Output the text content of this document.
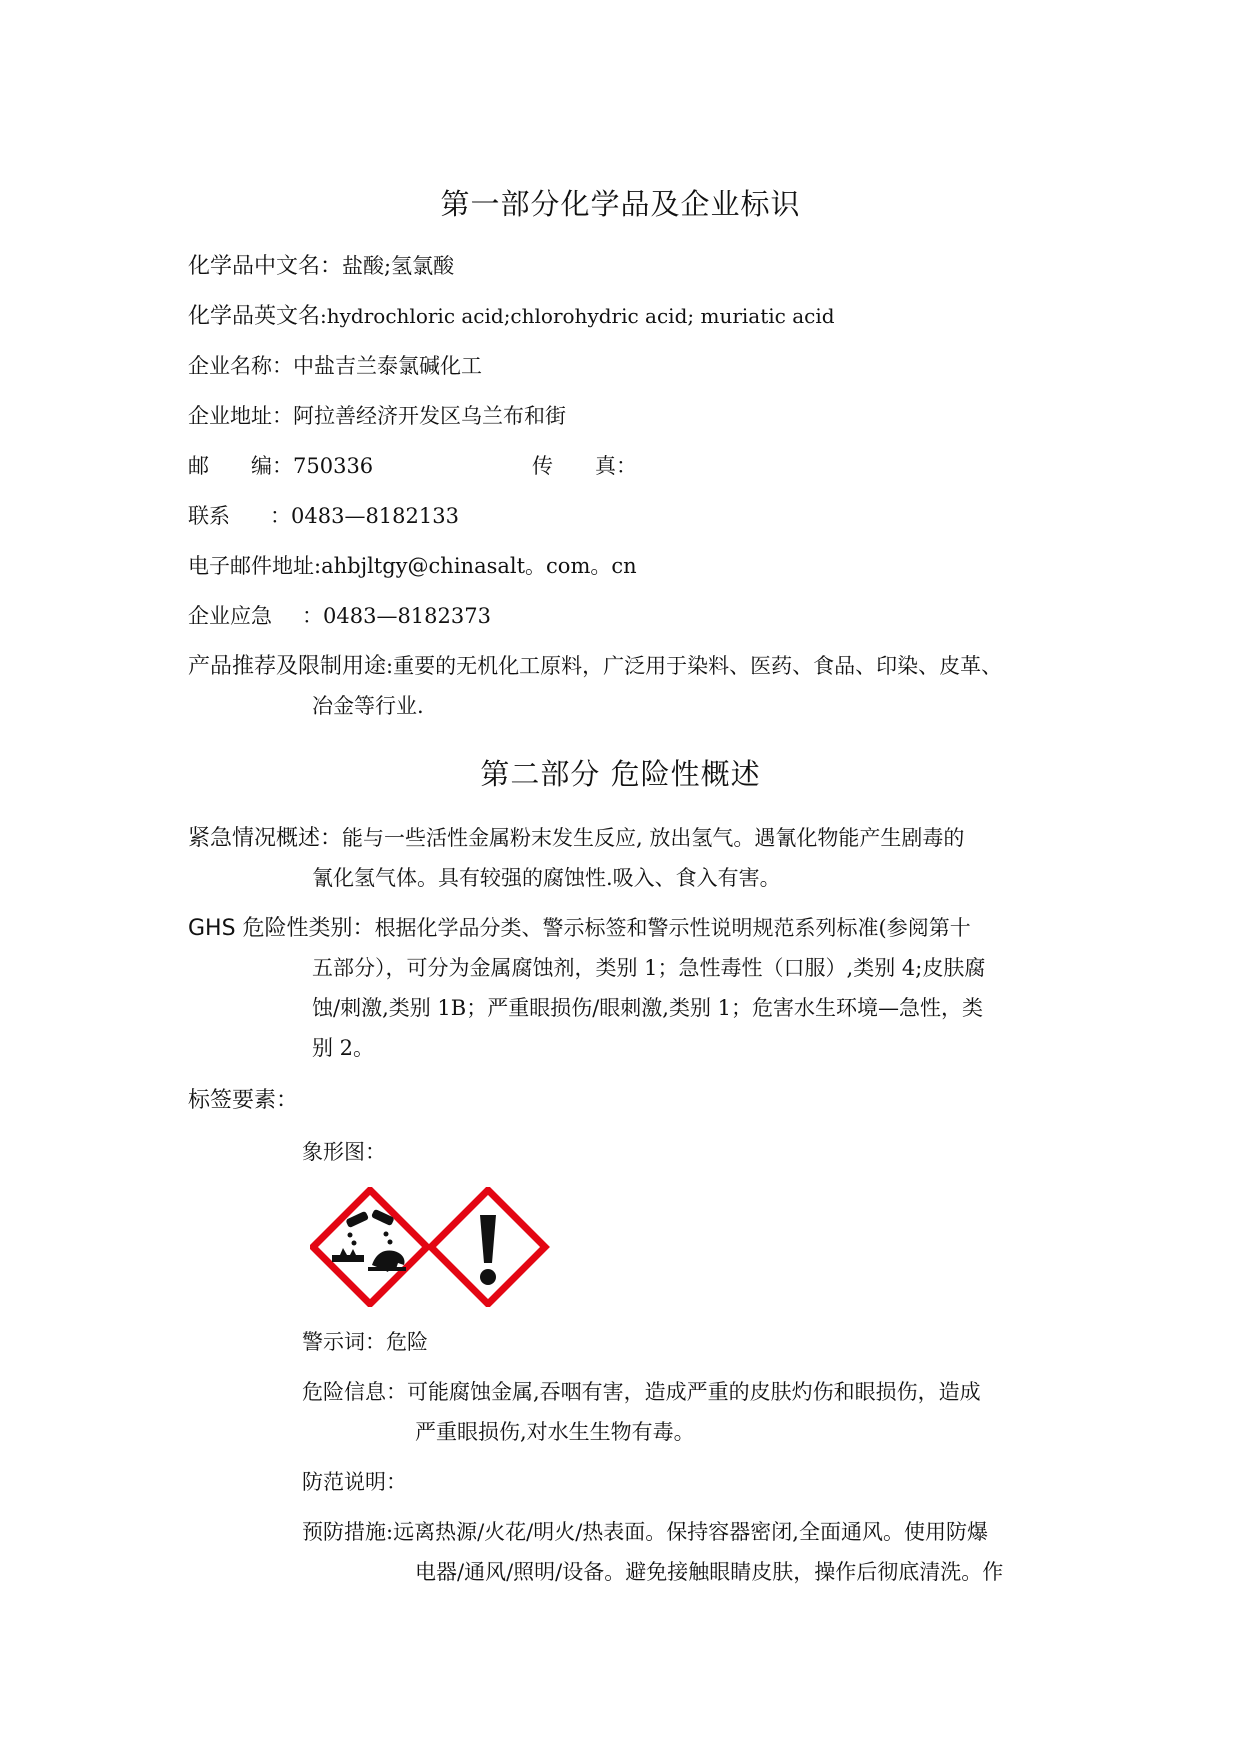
第一部分化学品及企业标识
化学品中文名：盐酸;氢氯酸
化学品英文名:hydrochloric acid;chlorohydric acid; muriatic acid
企业名称：中盐吉兰泰氯碱化工
企业地址：阿拉善经济开发区乌兰布和街
邮　　编：750336	传　　真：
联系 ：0483—8182133
电子邮件地址:ahbjltgy@chinasalt。com。cn
企业应急 ：0483—8182373
产品推荐及限制用途:重要的无机化工原料，广泛用于染料、医药、食品、印染、皮革、
冶金等行业.
第二部分 危险性概述
紧急情况概述：能与一些活性金属粉末发生反应, 放出氢气。遇氰化物能产生剧毒的
氰化氢气体。具有较强的腐蚀性.吸入、食入有害。
GHS 危险性类别：根据化学品分类、警示标签和警示性说明规范系列标准(参阅第十
五部分），可分为金属腐蚀剂，类别 1；急性毒性（口服）,类别 4;皮肤腐
蚀/刺激,类别 1B；严重眼损伤/眼刺激,类别 1；危害水生环境—急性，类
别 2。
标签要素：
象形图：
警示词：危险
危险信息：可能腐蚀金属,吞咽有害，造成严重的皮肤灼伤和眼损伤，造成
严重眼损伤,对水生生物有毒。
防范说明：
预防措施:远离热源/火花/明火/热表面。保持容器密闭,全面通风。使用防爆
电器/通风/照明/设备。避免接触眼睛皮肤，操作后彻底清洗。作
